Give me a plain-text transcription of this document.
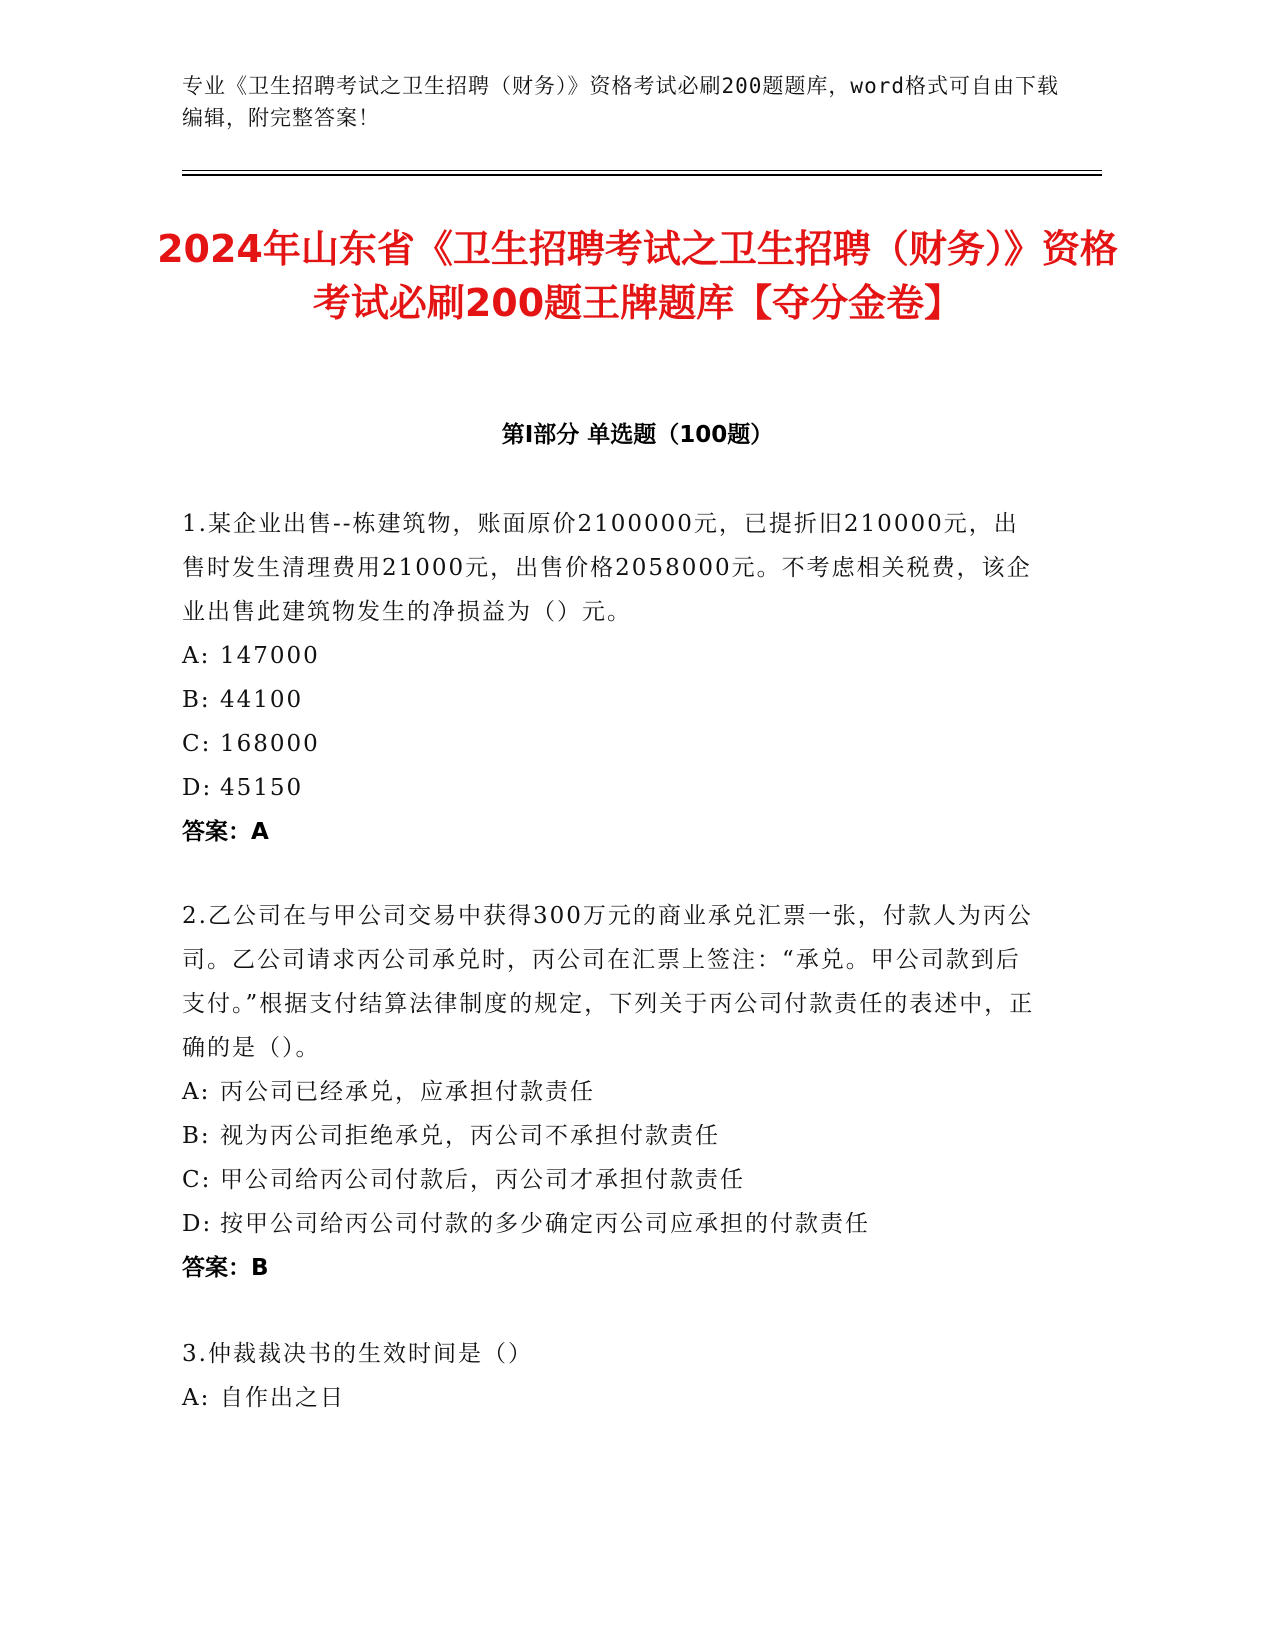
专业《卫生招聘考试之卫生招聘（财务）》资格考试必刷200题题库，word格式可自由下载编辑，附完整答案！
2024年山东省《卫生招聘考试之卫生招聘（财务）》资格考试必刷200题王牌题库【夺分金卷】
第Ⅰ部分 单选题（100题）
1.某企业出售--栋建筑物，账面原价2100000元，已提折旧210000元，出售时发生清理费用21000元，出售价格2058000元。不考虑相关税费，该企业出售此建筑物发生的净损益为（）元。
A: 147000
B: 44100
C: 168000
D: 45150
答案：A
2.乙公司在与甲公司交易中获得300万元的商业承兑汇票一张，付款人为丙公司。乙公司请求丙公司承兑时，丙公司在汇票上签注：“承兑。甲公司款到后支付。”根据支付结算法律制度的规定，下列关于丙公司付款责任的表述中，正确的是（）。
A: 丙公司已经承兑，应承担付款责任
B: 视为丙公司拒绝承兑，丙公司不承担付款责任
C: 甲公司给丙公司付款后，丙公司才承担付款责任
D: 按甲公司给丙公司付款的多少确定丙公司应承担的付款责任
答案：B
3.仲裁裁决书的生效时间是（）
A: 自作出之日
